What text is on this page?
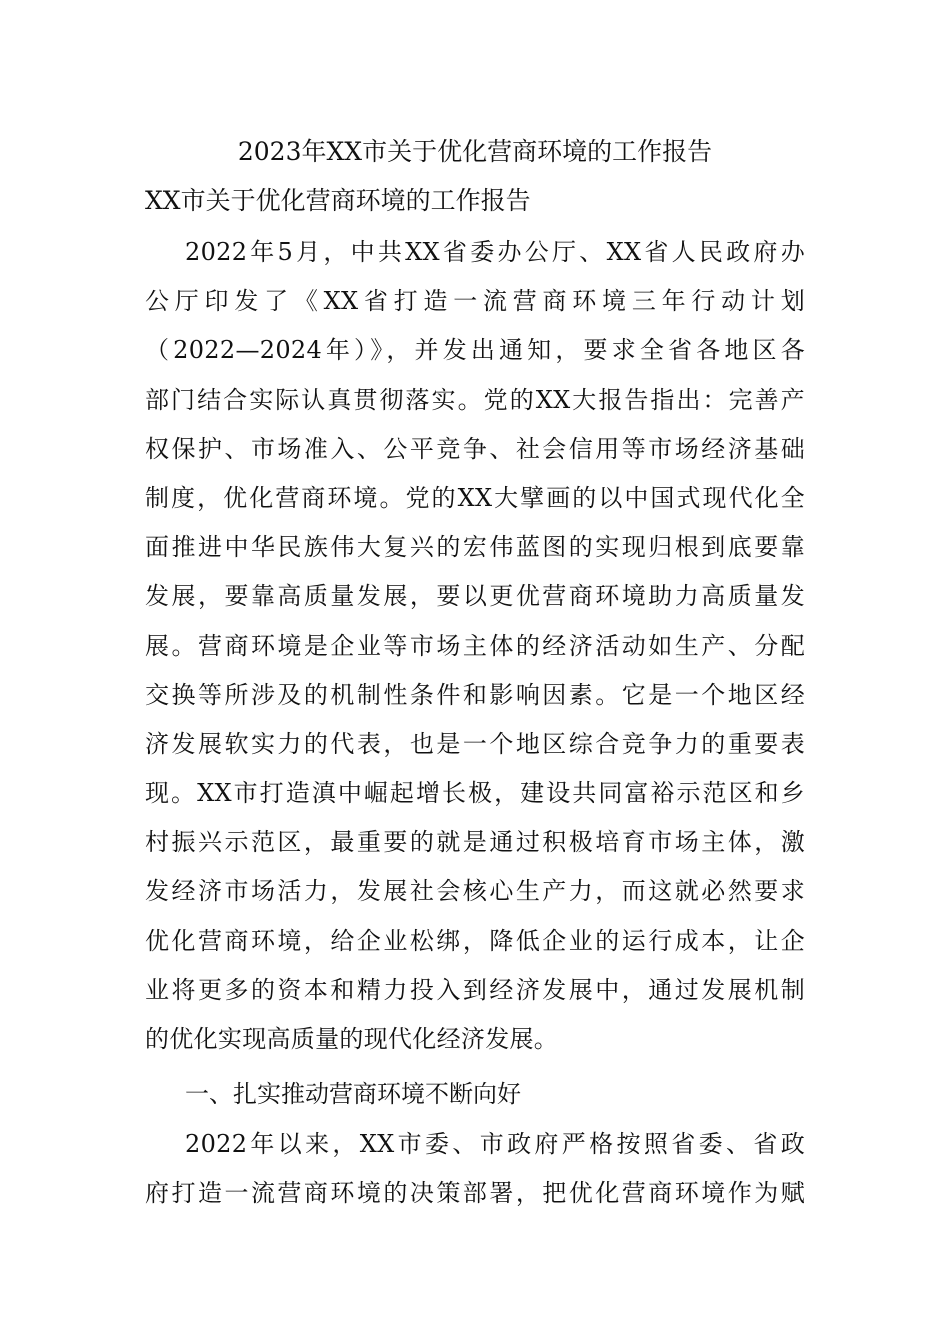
2023年XX市关于优化营商环境的工作报告
XX市关于优化营商环境的工作报告
2022年5月，中共XX省委办公厅、XX省人民政府办
公厅印发了《XX省打造一流营商环境三年行动计划
（2022—2024年）》，并发出通知，要求全省各地区各
部门结合实际认真贯彻落实。党的XX大报告指出：完善产
权保护、市场准入、公平竞争、社会信用等市场经济基础
制度，优化营商环境。党的XX大擘画的以中国式现代化全
面推进中华民族伟大复兴的宏伟蓝图的实现归根到底要靠
发展，要靠高质量发展，要以更优营商环境助力高质量发
展。营商环境是企业等市场主体的经济活动如生产、分配
交换等所涉及的机制性条件和影响因素。它是一个地区经
济发展软实力的代表，也是一个地区综合竞争力的重要表
现。XX市打造滇中崛起增长极，建设共同富裕示范区和乡
村振兴示范区，最重要的就是通过积极培育市场主体，激
发经济市场活力，发展社会核心生产力，而这就必然要求
优化营商环境，给企业松绑，降低企业的运行成本，让企
业将更多的资本和精力投入到经济发展中，通过发展机制
的优化实现高质量的现代化经济发展。
一、扎实推动营商环境不断向好
2022年以来，XX市委、市政府严格按照省委、省政
府打造一流营商环境的决策部署，把优化营商环境作为赋
